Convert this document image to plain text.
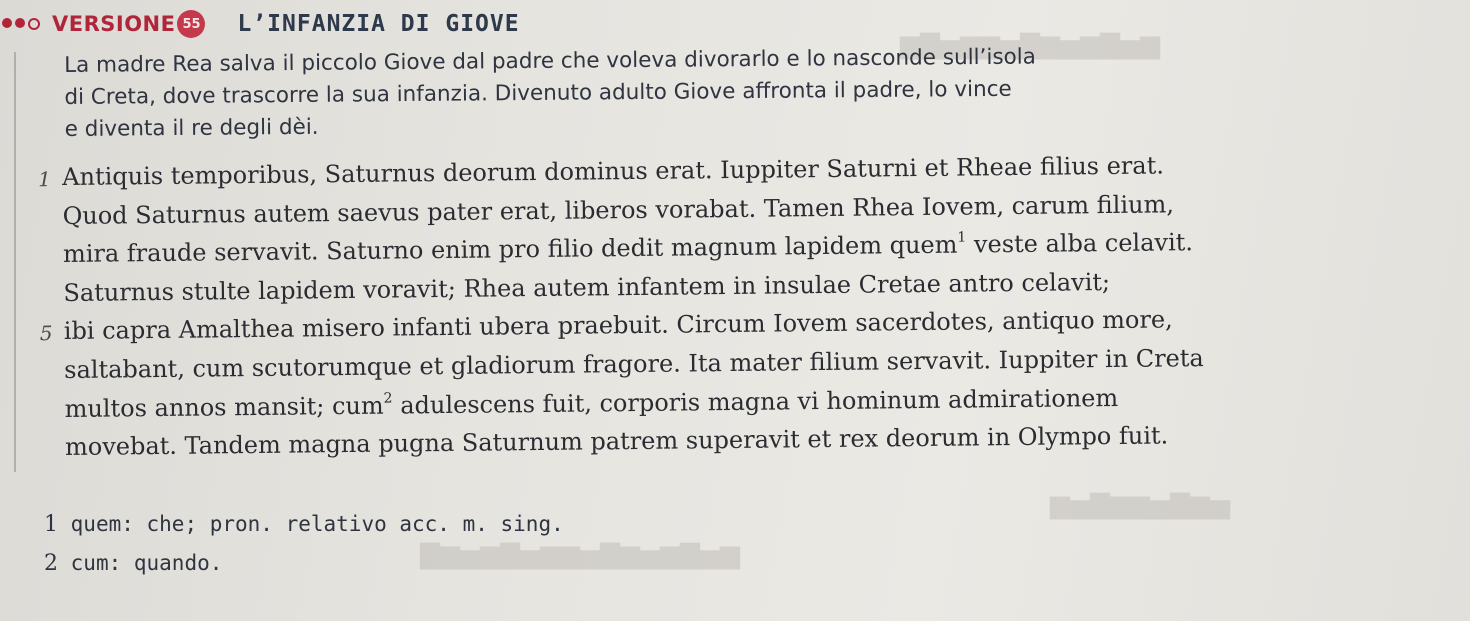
▆▅▇▆▅▆▇▅▆▆▅▇▆
▅▆▇▅▆▆▇▅▆
▆▅▇▆▅▆▇▅▆▆▅▇▆▅▆▇
VERSIONE 55 L’INFANZIA DI GIOVE
La madre Rea salva il piccolo Giove dal padre che voleva divorarlo e lo nasconde sull’isola
di Creta, dove trascorre la sua infanzia. Divenuto adulto Giove affronta il padre, lo vince
e diventa il re degli dèi.
1 Antiquis temporibus, Saturnus deorum dominus erat. Iuppiter Saturni et Rheae filius erat.
Quod Saturnus autem saevus pater erat, liberos vorabat. Tamen Rhea Iovem, carum filium,
mira fraude servavit. Saturno enim pro filio dedit magnum lapidem quem$^1$ veste alba celavit.
Saturnus stulte lapidem voravit; Rhea autem infantem in insulae Cretae antro celavit;
5 ibi capra Amalthea misero infanti ubera praebuit. Circum Iovem sacerdotes, antiquo more,
saltabant, cum scutorumque et gladiorum fragore. Ita mater filium servavit. Iuppiter in Creta
multos annos mansit; cum$^2$ adulescens fuit, corporis magna vi hominum admirationem
movebat. Tandem magna pugna Saturnum patrem superavit et rex deorum in Olympo fuit.
1 quem: che; pron. relativo acc. m. sing.
2 cum: quando.
